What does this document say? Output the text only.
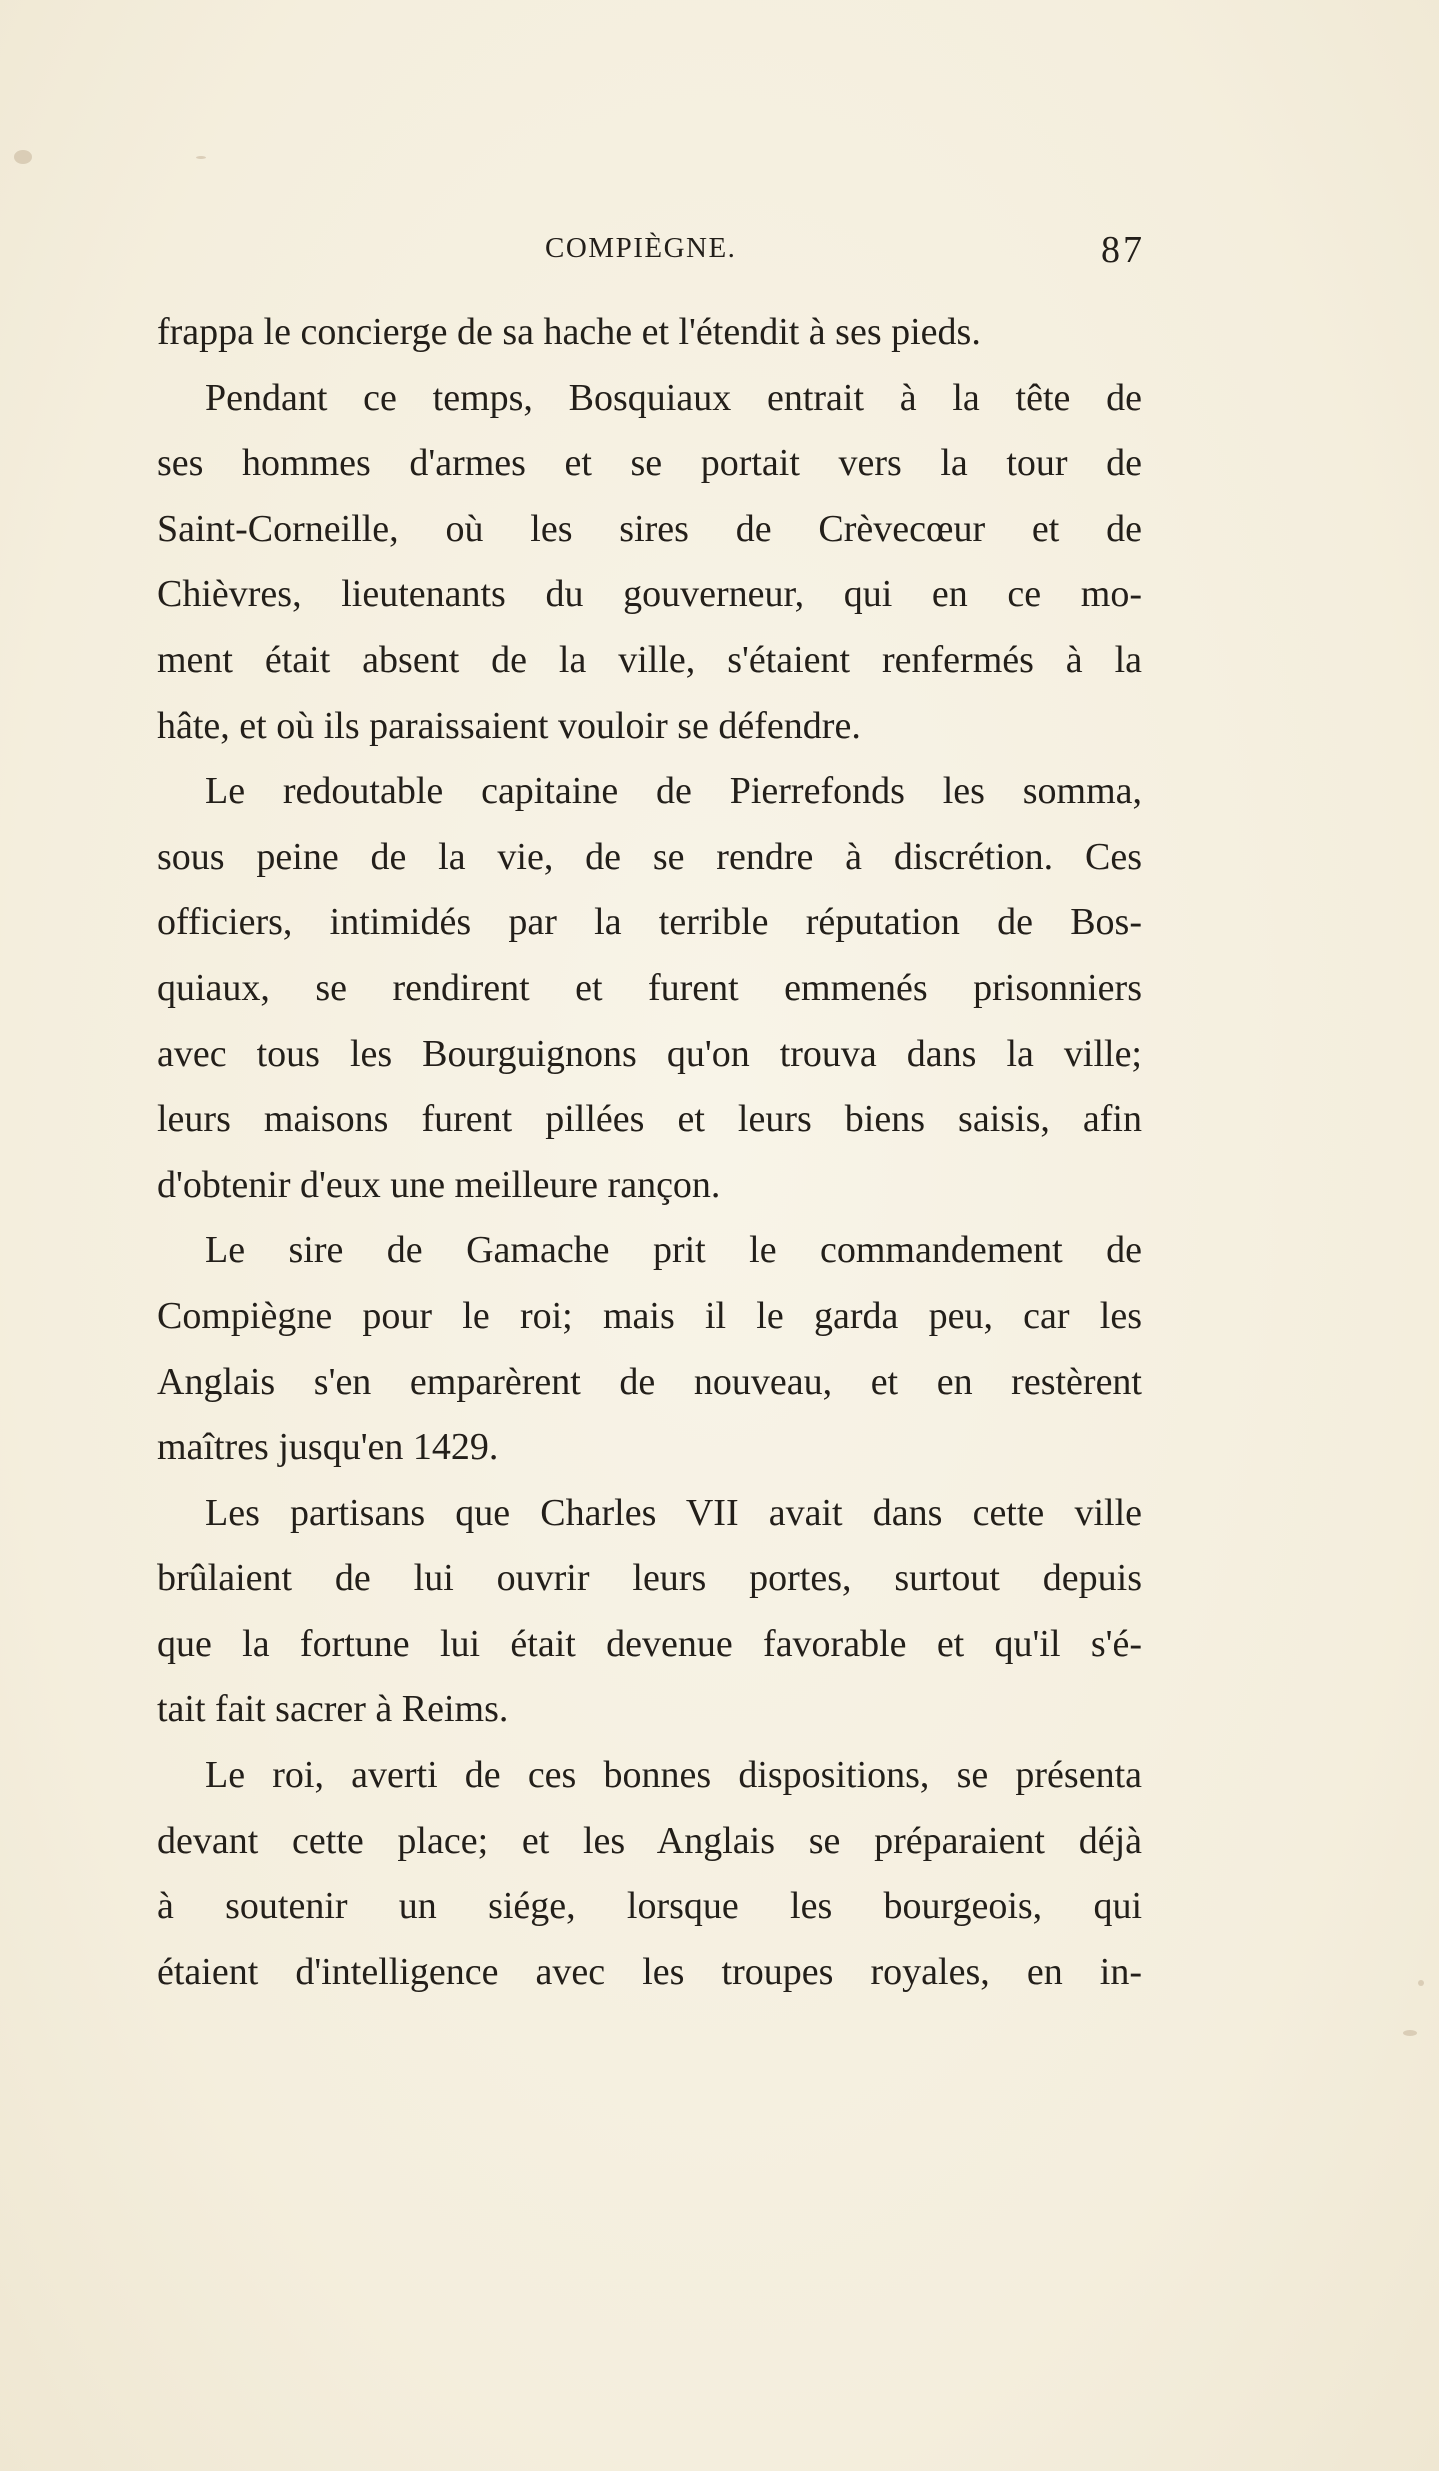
COMPIÈGNE.	87
frappa le concierge de sa hache et l'étendit à ses pieds.
Pendant ce temps, Bosquiaux entrait à la tête de
ses hommes d'armes et se portait vers la tour de
Saint-Corneille, où les sires de Crèvecœur et de
Chièvres, lieutenants du gouverneur, qui en ce mo-
ment était absent de la ville, s'étaient renfermés à la
hâte, et où ils paraissaient vouloir se défendre.
Le redoutable capitaine de Pierrefonds les somma,
sous peine de la vie, de se rendre à discrétion. Ces
officiers, intimidés par la terrible réputation de Bos-
quiaux, se rendirent et furent emmenés prisonniers
avec tous les Bourguignons qu'on trouva dans la ville;
leurs maisons furent pillées et leurs biens saisis, afin
d'obtenir d'eux une meilleure rançon.
Le sire de Gamache prit le commandement de
Compiègne pour le roi; mais il le garda peu, car les
Anglais s'en emparèrent de nouveau, et en restèrent
maîtres jusqu'en 1429.
Les partisans que Charles VII avait dans cette ville
brûlaient de lui ouvrir leurs portes, surtout depuis
que la fortune lui était devenue favorable et qu'il s'é-
tait fait sacrer à Reims.
Le roi, averti de ces bonnes dispositions, se présenta
devant cette place; et les Anglais se préparaient déjà
à soutenir un siége, lorsque les bourgeois, qui
étaient d'intelligence avec les troupes royales, en in-
